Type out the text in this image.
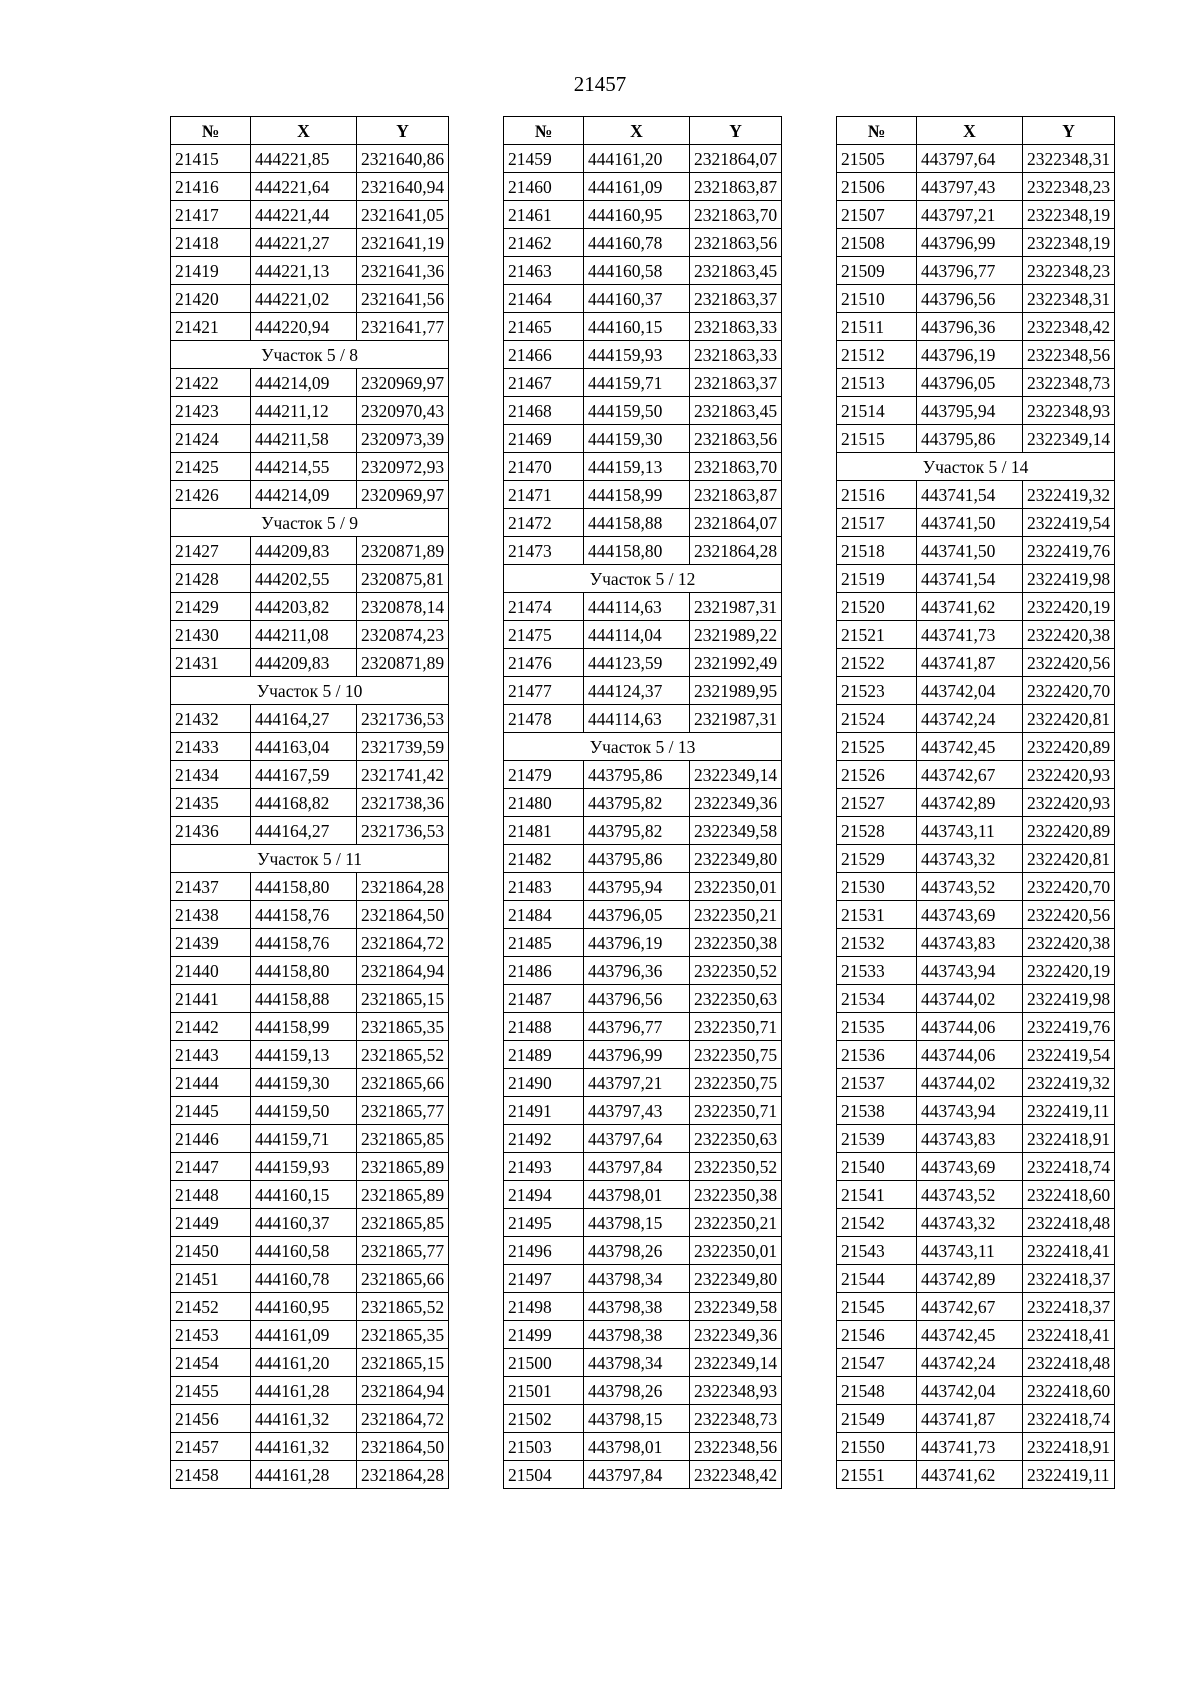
21457
№	X	Y
21415	444221,85	2321640,86
21416	444221,64	2321640,94
21417	444221,44	2321641,05
21418	444221,27	2321641,19
21419	444221,13	2321641,36
21420	444221,02	2321641,56
21421	444220,94	2321641,77
Участок 5 / 8		
21422	444214,09	2320969,97
21423	444211,12	2320970,43
21424	444211,58	2320973,39
21425	444214,55	2320972,93
21426	444214,09	2320969,97
Участок 5 / 9		
21427	444209,83	2320871,89
21428	444202,55	2320875,81
21429	444203,82	2320878,14
21430	444211,08	2320874,23
21431	444209,83	2320871,89
Участок 5 / 10		
21432	444164,27	2321736,53
21433	444163,04	2321739,59
21434	444167,59	2321741,42
21435	444168,82	2321738,36
21436	444164,27	2321736,53
Участок 5 / 11		
21437	444158,80	2321864,28
21438	444158,76	2321864,50
21439	444158,76	2321864,72
21440	444158,80	2321864,94
21441	444158,88	2321865,15
21442	444158,99	2321865,35
21443	444159,13	2321865,52
21444	444159,30	2321865,66
21445	444159,50	2321865,77
21446	444159,71	2321865,85
21447	444159,93	2321865,89
21448	444160,15	2321865,89
21449	444160,37	2321865,85
21450	444160,58	2321865,77
21451	444160,78	2321865,66
21452	444160,95	2321865,52
21453	444161,09	2321865,35
21454	444161,20	2321865,15
21455	444161,28	2321864,94
21456	444161,32	2321864,72
21457	444161,32	2321864,50
21458	444161,28	2321864,28
№	X	Y
21459	444161,20	2321864,07
21460	444161,09	2321863,87
21461	444160,95	2321863,70
21462	444160,78	2321863,56
21463	444160,58	2321863,45
21464	444160,37	2321863,37
21465	444160,15	2321863,33
21466	444159,93	2321863,33
21467	444159,71	2321863,37
21468	444159,50	2321863,45
21469	444159,30	2321863,56
21470	444159,13	2321863,70
21471	444158,99	2321863,87
21472	444158,88	2321864,07
21473	444158,80	2321864,28
Участок 5 / 12		
21474	444114,63	2321987,31
21475	444114,04	2321989,22
21476	444123,59	2321992,49
21477	444124,37	2321989,95
21478	444114,63	2321987,31
Участок 5 / 13		
21479	443795,86	2322349,14
21480	443795,82	2322349,36
21481	443795,82	2322349,58
21482	443795,86	2322349,80
21483	443795,94	2322350,01
21484	443796,05	2322350,21
21485	443796,19	2322350,38
21486	443796,36	2322350,52
21487	443796,56	2322350,63
21488	443796,77	2322350,71
21489	443796,99	2322350,75
21490	443797,21	2322350,75
21491	443797,43	2322350,71
21492	443797,64	2322350,63
21493	443797,84	2322350,52
21494	443798,01	2322350,38
21495	443798,15	2322350,21
21496	443798,26	2322350,01
21497	443798,34	2322349,80
21498	443798,38	2322349,58
21499	443798,38	2322349,36
21500	443798,34	2322349,14
21501	443798,26	2322348,93
21502	443798,15	2322348,73
21503	443798,01	2322348,56
21504	443797,84	2322348,42
№	X	Y
21505	443797,64	2322348,31
21506	443797,43	2322348,23
21507	443797,21	2322348,19
21508	443796,99	2322348,19
21509	443796,77	2322348,23
21510	443796,56	2322348,31
21511	443796,36	2322348,42
21512	443796,19	2322348,56
21513	443796,05	2322348,73
21514	443795,94	2322348,93
21515	443795,86	2322349,14
Участок 5 / 14		
21516	443741,54	2322419,32
21517	443741,50	2322419,54
21518	443741,50	2322419,76
21519	443741,54	2322419,98
21520	443741,62	2322420,19
21521	443741,73	2322420,38
21522	443741,87	2322420,56
21523	443742,04	2322420,70
21524	443742,24	2322420,81
21525	443742,45	2322420,89
21526	443742,67	2322420,93
21527	443742,89	2322420,93
21528	443743,11	2322420,89
21529	443743,32	2322420,81
21530	443743,52	2322420,70
21531	443743,69	2322420,56
21532	443743,83	2322420,38
21533	443743,94	2322420,19
21534	443744,02	2322419,98
21535	443744,06	2322419,76
21536	443744,06	2322419,54
21537	443744,02	2322419,32
21538	443743,94	2322419,11
21539	443743,83	2322418,91
21540	443743,69	2322418,74
21541	443743,52	2322418,60
21542	443743,32	2322418,48
21543	443743,11	2322418,41
21544	443742,89	2322418,37
21545	443742,67	2322418,37
21546	443742,45	2322418,41
21547	443742,24	2322418,48
21548	443742,04	2322418,60
21549	443741,87	2322418,74
21550	443741,73	2322418,91
21551	443741,62	2322419,11
